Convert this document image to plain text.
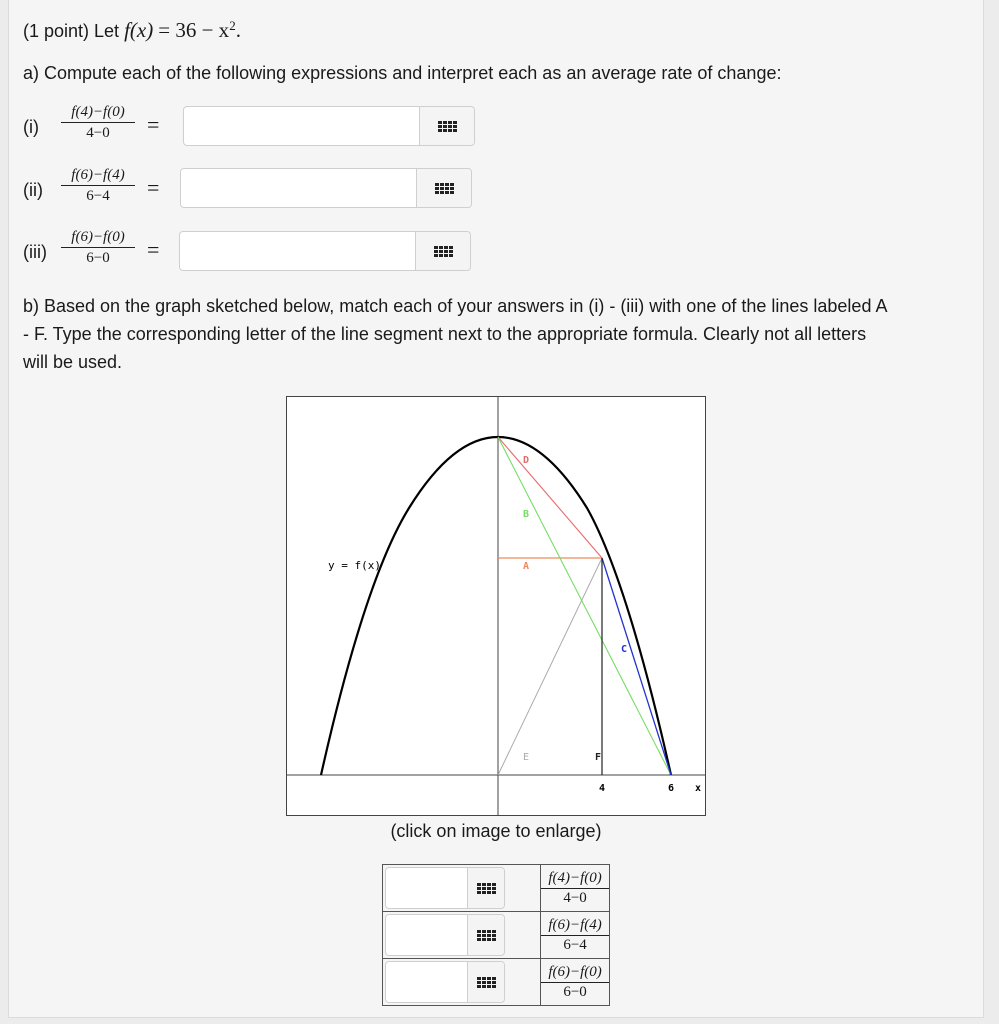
(1 point) Let $f(x) = 36 - x^2$.
a) Compute each of the following expressions and interpret each as an average rate of change:
$(i) \frac{f(4)-f(0)}{4-0}$ =
$(ii) \frac{f(6)-f(4)}{6-4}$ =
$(iii) \frac{f(6)-f(0)}{6-0}$ =
b) Based on the graph sketched below, match each of your answers in (i) - (iii) with one of the lines labeled A
- F. Type the corresponding letter of the line segment next to the appropriate formula. Clearly not all letters
will be used.
y = f(x)
D
B
A
C
E	F
4	6 x
(click on image to enlarge)

f(4)−f(0)
4−0

f(6)−f(4)
6−4

f(6)−f(0)
6−0
